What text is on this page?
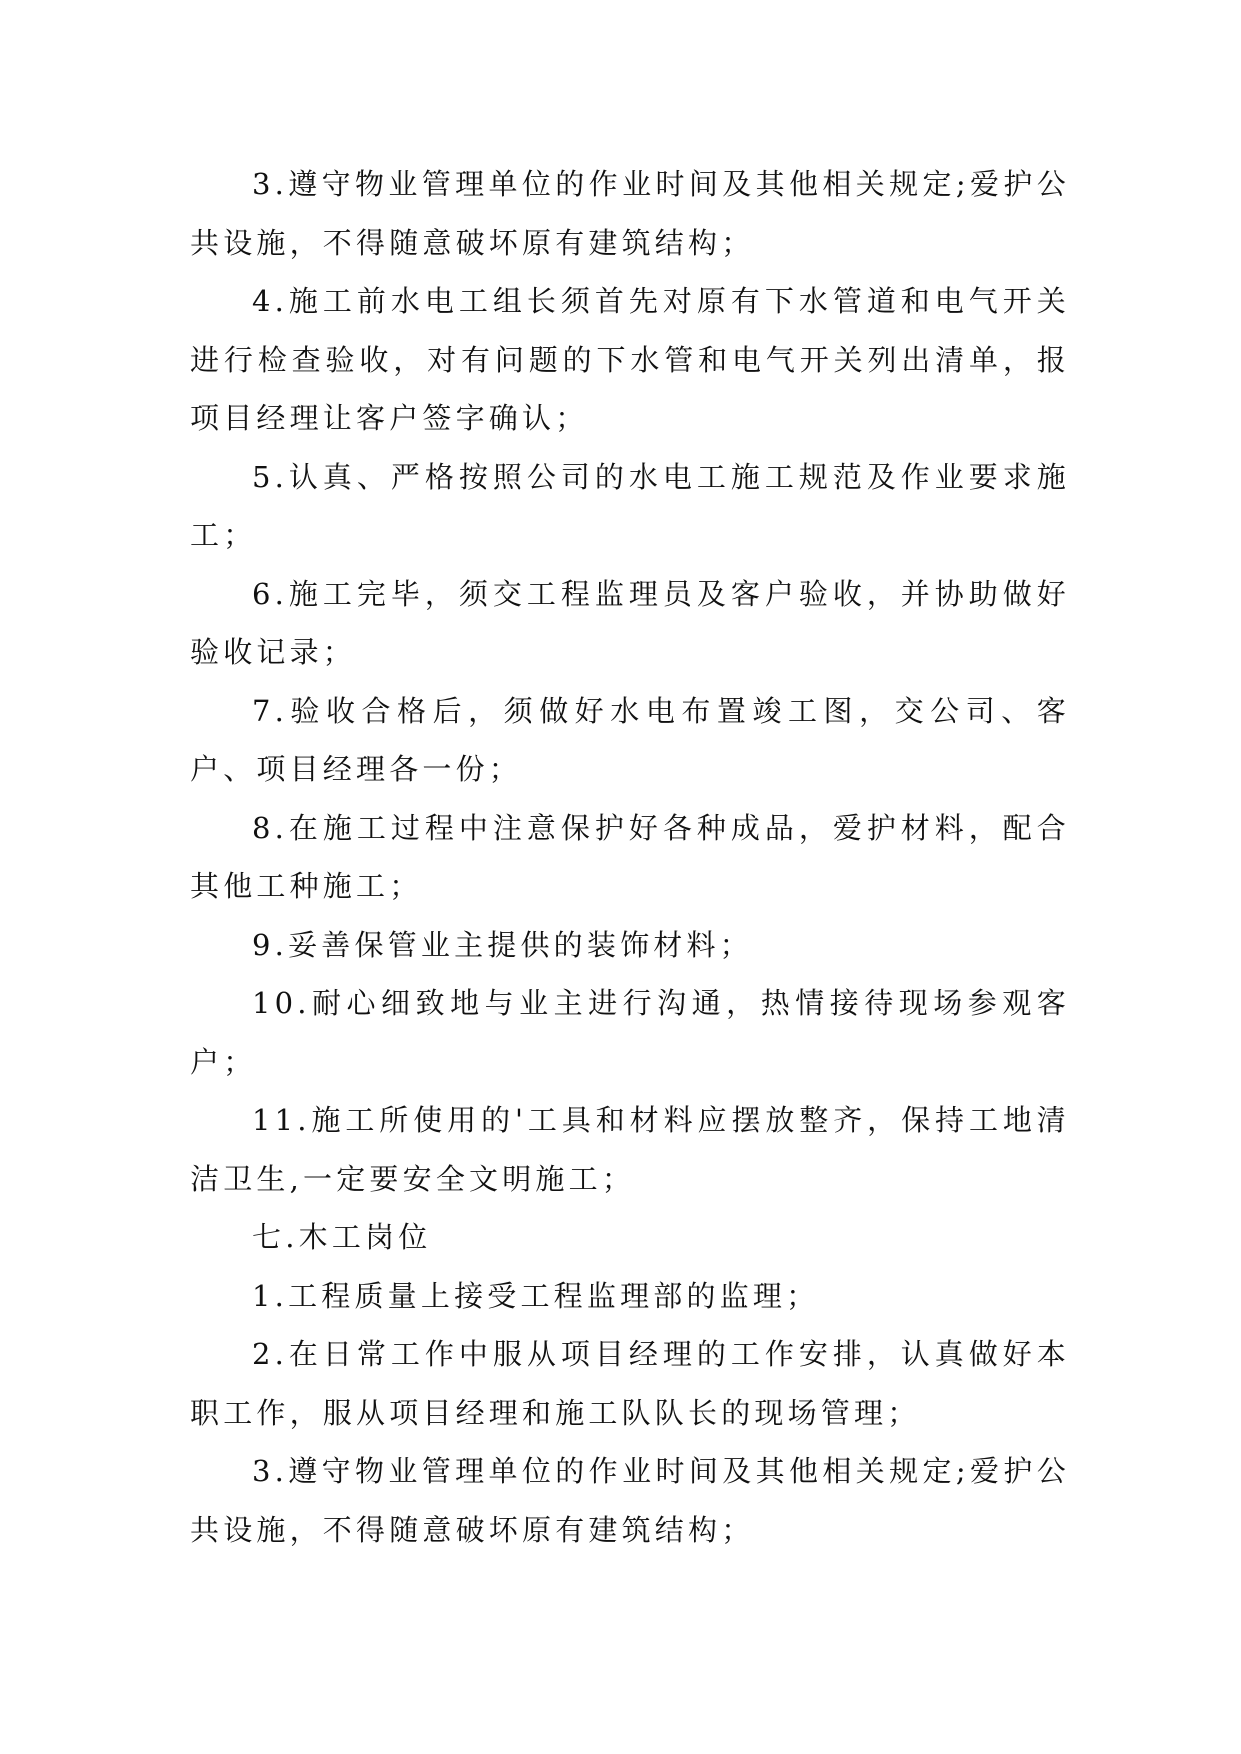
3.遵守物业管理单位的作业时间及其他相关规定;爱护公共设施，不得随意破坏原有建筑结构；

4.施工前水电工组长须首先对原有下水管道和电气开关进行检查验收，对有问题的下水管和电气开关列出清单，报项目经理让客户签字确认；

5.认真、严格按照公司的水电工施工规范及作业要求施工；

6.施工完毕，须交工程监理员及客户验收，并协助做好验收记录；

7.验收合格后，须做好水电布置竣工图，交公司、客户、项目经理各一份；

8.在施工过程中注意保护好各种成品，爱护材料，配合其他工种施工；

9.妥善保管业主提供的装饰材料；

10.耐心细致地与业主进行沟通，热情接待现场参观客户；

11.施工所使用的'工具和材料应摆放整齐，保持工地清洁卫生,一定要安全文明施工；

七.木工岗位

1.工程质量上接受工程监理部的监理；

2.在日常工作中服从项目经理的工作安排，认真做好本职工作，服从项目经理和施工队队长的现场管理；

3.遵守物业管理单位的作业时间及其他相关规定;爱护公共设施，不得随意破坏原有建筑结构；
